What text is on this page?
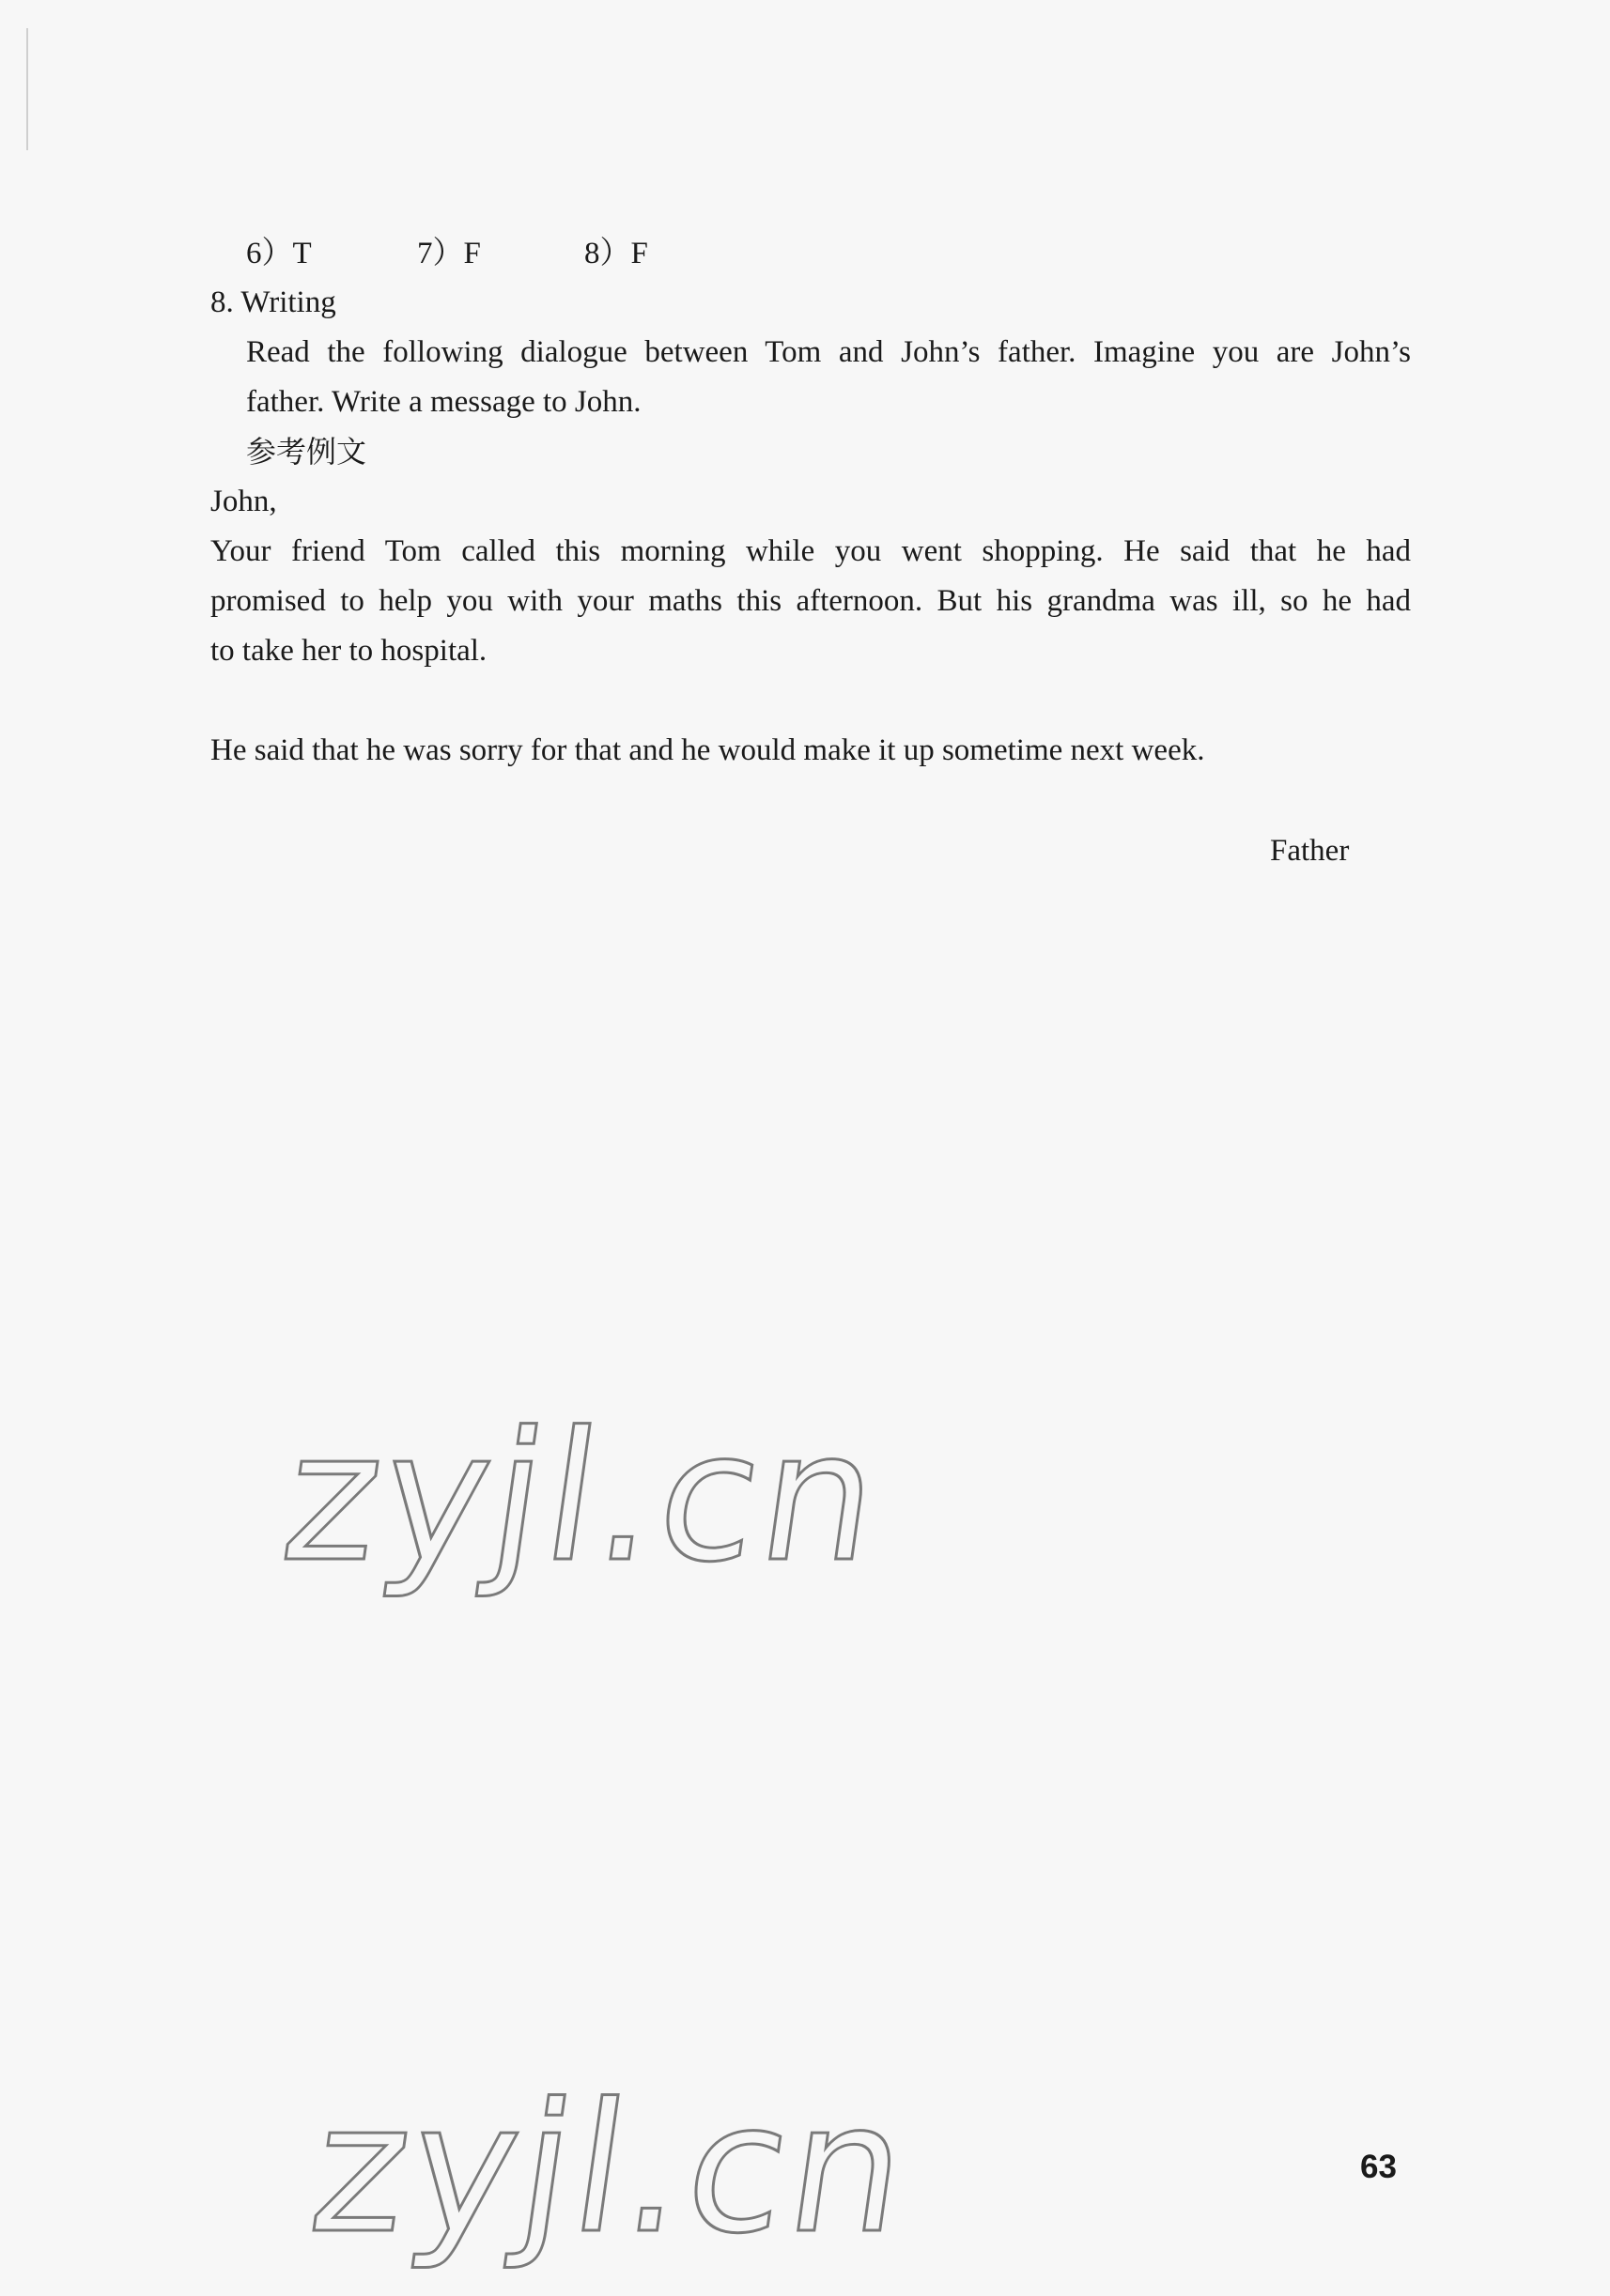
6）T	7）F	8）F
8. Writing
Read the following dialogue between Tom and John’s father. Imagine you are John’s
father. Write a message to John.
参考例文
John,
Your friend Tom called this morning while you went shopping. He said that he had
promised to help you with your maths this afternoon. But his grandma was ill, so he had
to take her to hospital.
He said that he was sorry for that and he would make it up sometime next week.
Father
zyjl.cn
zyjl.cn	63
